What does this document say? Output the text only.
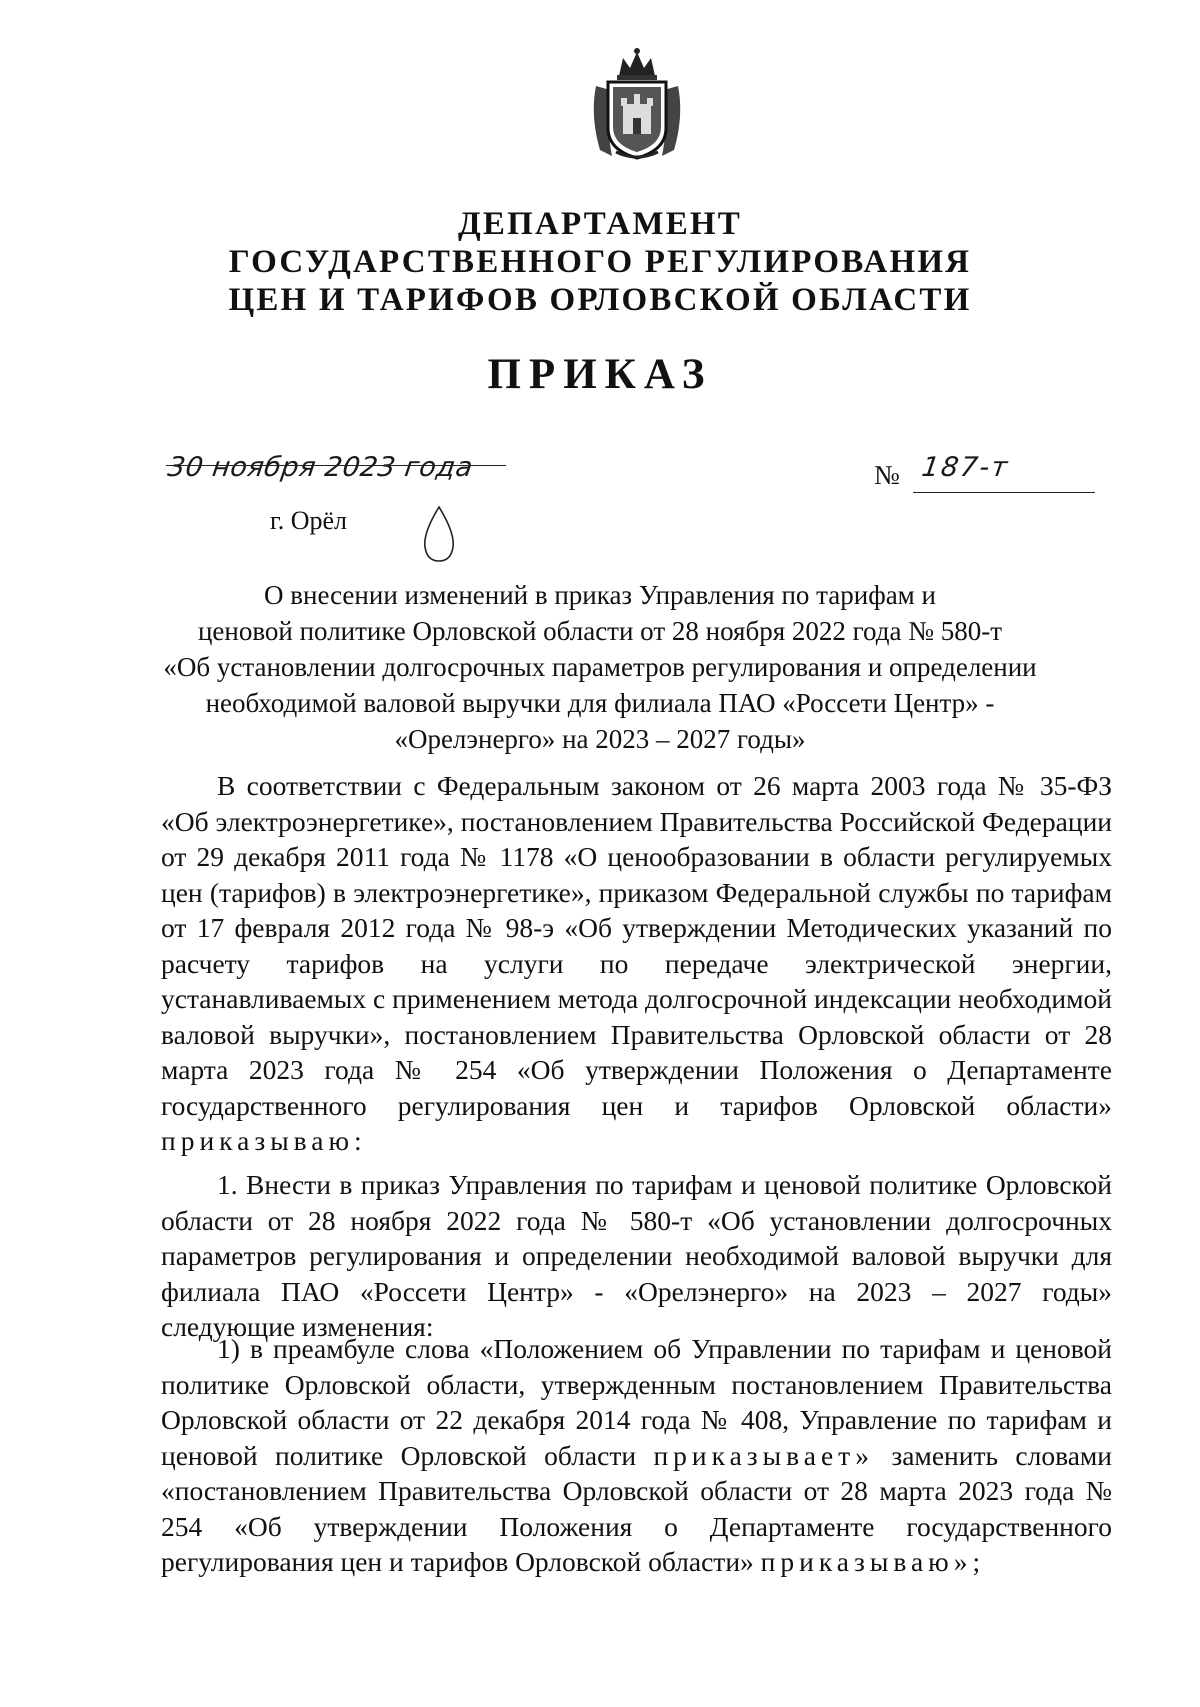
ДЕПАРТАМЕНТ
ГОСУДАРСТВЕННОГО РЕГУЛИРОВАНИЯ
ЦЕН И ТАРИФОВ ОРЛОВСКОЙ ОБЛАСТИ
ПРИКАЗ
30 ноября 2023 года
г. Орёл
№ 187-т
О внесении изменений в приказ Управления по тарифам и
ценовой политике Орловской области от 28 ноября 2022 года № 580-т
«Об установлении долгосрочных параметров регулирования и определении
необходимой валовой выручки для филиала ПАО «Россети Центр» -
«Орелэнерго» на 2023 – 2027 годы»

В соответствии с Федеральным законом от 26 марта 2003 года № 35-ФЗ «Об электроэнергетике», постановлением Правительства Российской Федерации от 29 декабря 2011 года № 1178 «О ценообразовании в области регулируемых цен (тарифов) в электроэнергетике», приказом Федеральной службы по тарифам от 17 февраля 2012 года № 98-э «Об утверждении Методических указаний по расчету тарифов на услуги по передаче электрической энергии, устанавливаемых с применением метода долгосрочной индексации необходимой валовой выручки», постановлением Правительства Орловской области от 28 марта 2023 года № 254 «Об утверждении Положения о Департаменте государственного регулирования цен и тарифов Орловской области» приказываю:

1. Внести в приказ Управления по тарифам и ценовой политике Орловской области от 28 ноября 2022 года № 580-т «Об установлении долгосрочных параметров регулирования и определении необходимой валовой выручки для филиала ПАО «Россети Центр» - «Орелэнерго» на 2023 – 2027 годы» следующие изменения:

1) в преамбуле слова «Положением об Управлении по тарифам и ценовой политике Орловской области, утвержденным постановлением Правительства Орловской области от 22 декабря 2014 года № 408, Управление по тарифам и ценовой политике Орловской области приказывает» заменить словами «постановлением Правительства Орловской области от 28 марта 2023 года № 254 «Об утверждении Положения о Департаменте государственного регулирования цен и тарифов Орловской области» приказываю»;
